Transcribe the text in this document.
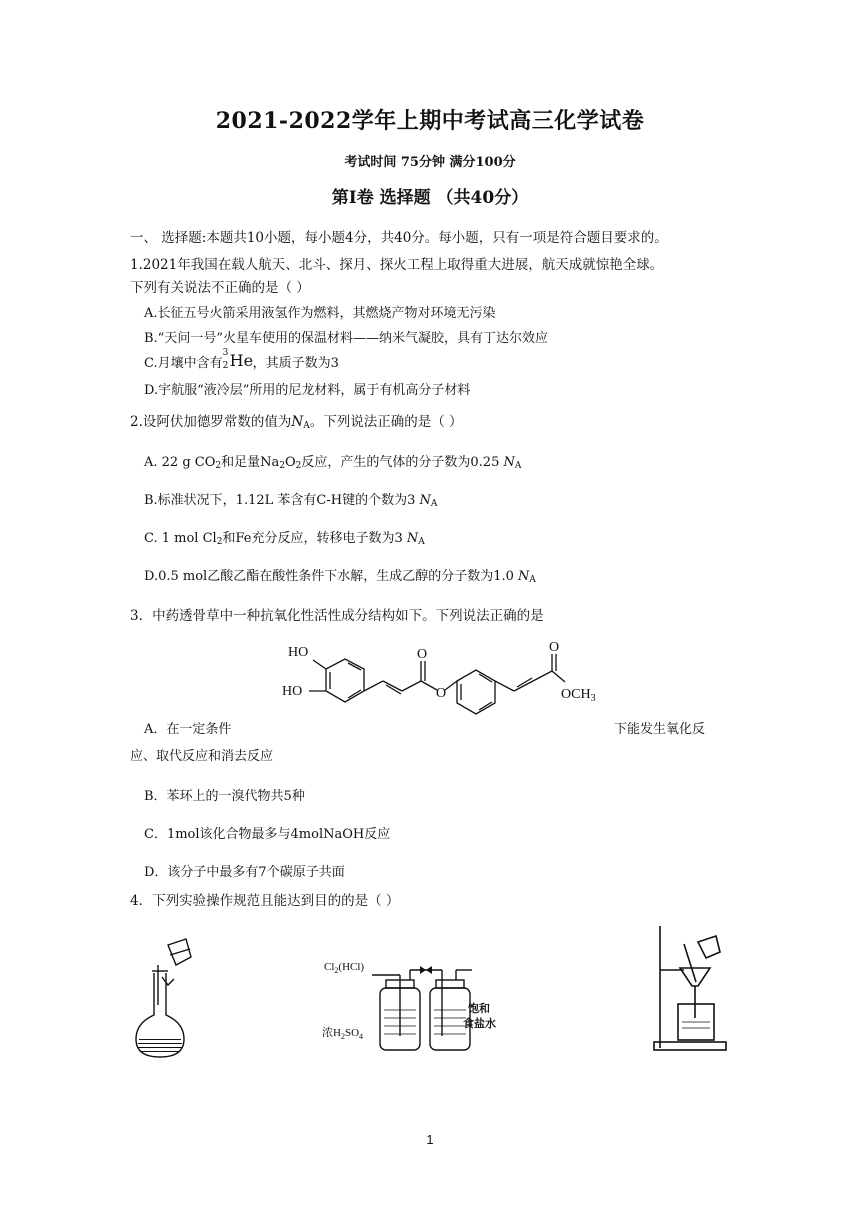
2021-2022学年上期中考试高三化学试卷
考试时间 75分钟 满分100分
第Ⅰ卷 选择题 （共40分）
一、 选择题:本题共10小题，每小题4分，共40分。每小题，只有一项是符合题目要求的。
1.2021年我国在载人航天、北斗、探月、探火工程上取得重大进展，航天成就惊艳全球。
下列有关说法不正确的是（ ）
A.长征五号火箭采用液氢作为燃料，其燃烧产物对环境无污染
B.“天问一号”火星车使用的保温材料——纳米气凝胶，具有丁达尔效应
C.月壤中含有
3
2 He ，其质子数为3
D.宇航服“液冷层”所用的尼龙材料，属于有机高分子材料
2.设阿伏加德罗常数的值为$N_A$。下列说法正确的是（ ）
A. 22 g $CO_2$和足量$Na_2O_2$反应，产生的气体的分子数为0.25 $N_A$
B.标准状况下，1.12L 苯含有C-H键的个数为3 $N_A$
C. 1 mol $Cl_2$和Fe充分反应，转移电子数为3 $N_A$
D.0.5 mol乙酸乙酯在酸性条件下水解，生成乙醇的分子数为1.0 $N_A$
3．中药透骨草中一种抗氧化性活性成分结构如下。下列说法正确的是
HO
HO
O
O
O
$OCH_3$
A．在一定条件	下能发生氧化反
应、取代反应和消去反应
B．苯环上的一溴代物共5种
C．1mol该化合物最多与4molNaOH反应
D．该分子中最多有7个碳原子共面
4．下列实验操作规范且能达到目的的是（ ）
$Cl_2(HCl)$
浓$H_2SO_4$
饱和
食盐水
1
